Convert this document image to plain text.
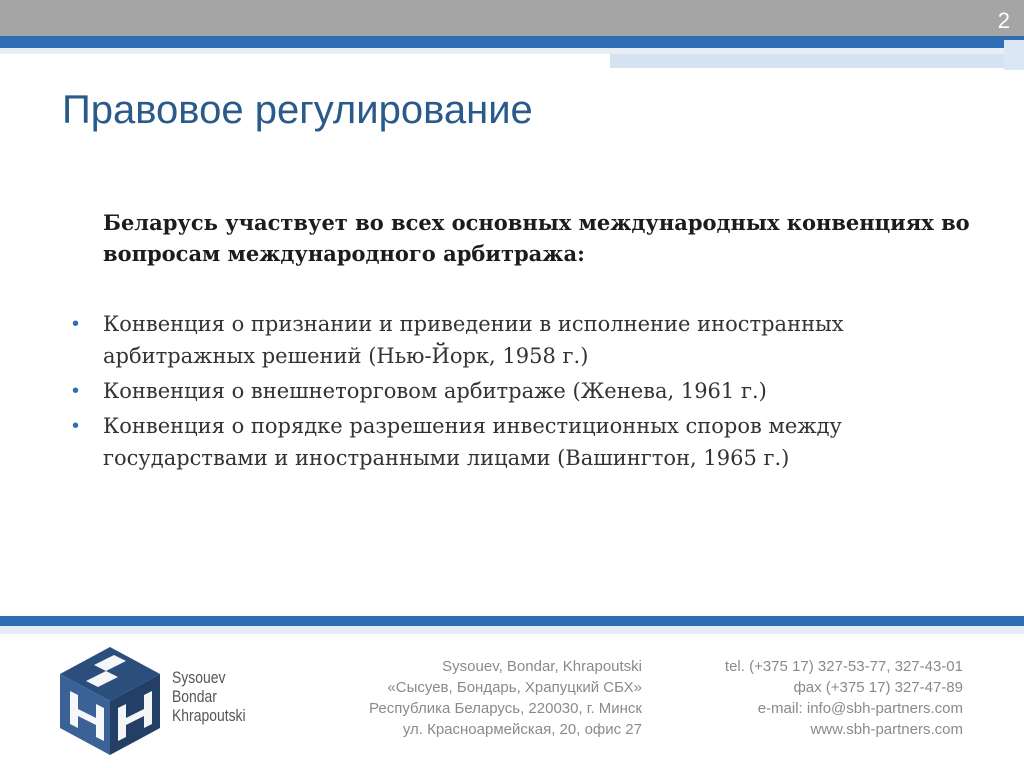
2
Правовое регулирование
Беларусь участвует во всех основных международных конвенциях во вопросам международного арбитража:
• Конвенция о признании и приведении в исполнение иностранных арбитражных решений (Нью-Йорк, 1958 г.)
• Конвенция о внешнеторговом арбитраже (Женева, 1961 г.)
• Конвенция о порядке разрешения инвестиционных споров между государствами и иностранными лицами (Вашингтон, 1965 г.)
Sysouev
Bondar
Khrapoutski
Sysouev, Bondar, Khrapoutski
«Сысуев, Бондарь, Храпуцкий СБХ»
Республика Беларусь, 220030, г. Минск
ул. Красноармейская, 20, офис 27
tel. (+375 17) 327-53-77, 327-43-01
фах (+375 17) 327-47-89
e-mail: info@sbh-partners.com
www.sbh-partners.com
